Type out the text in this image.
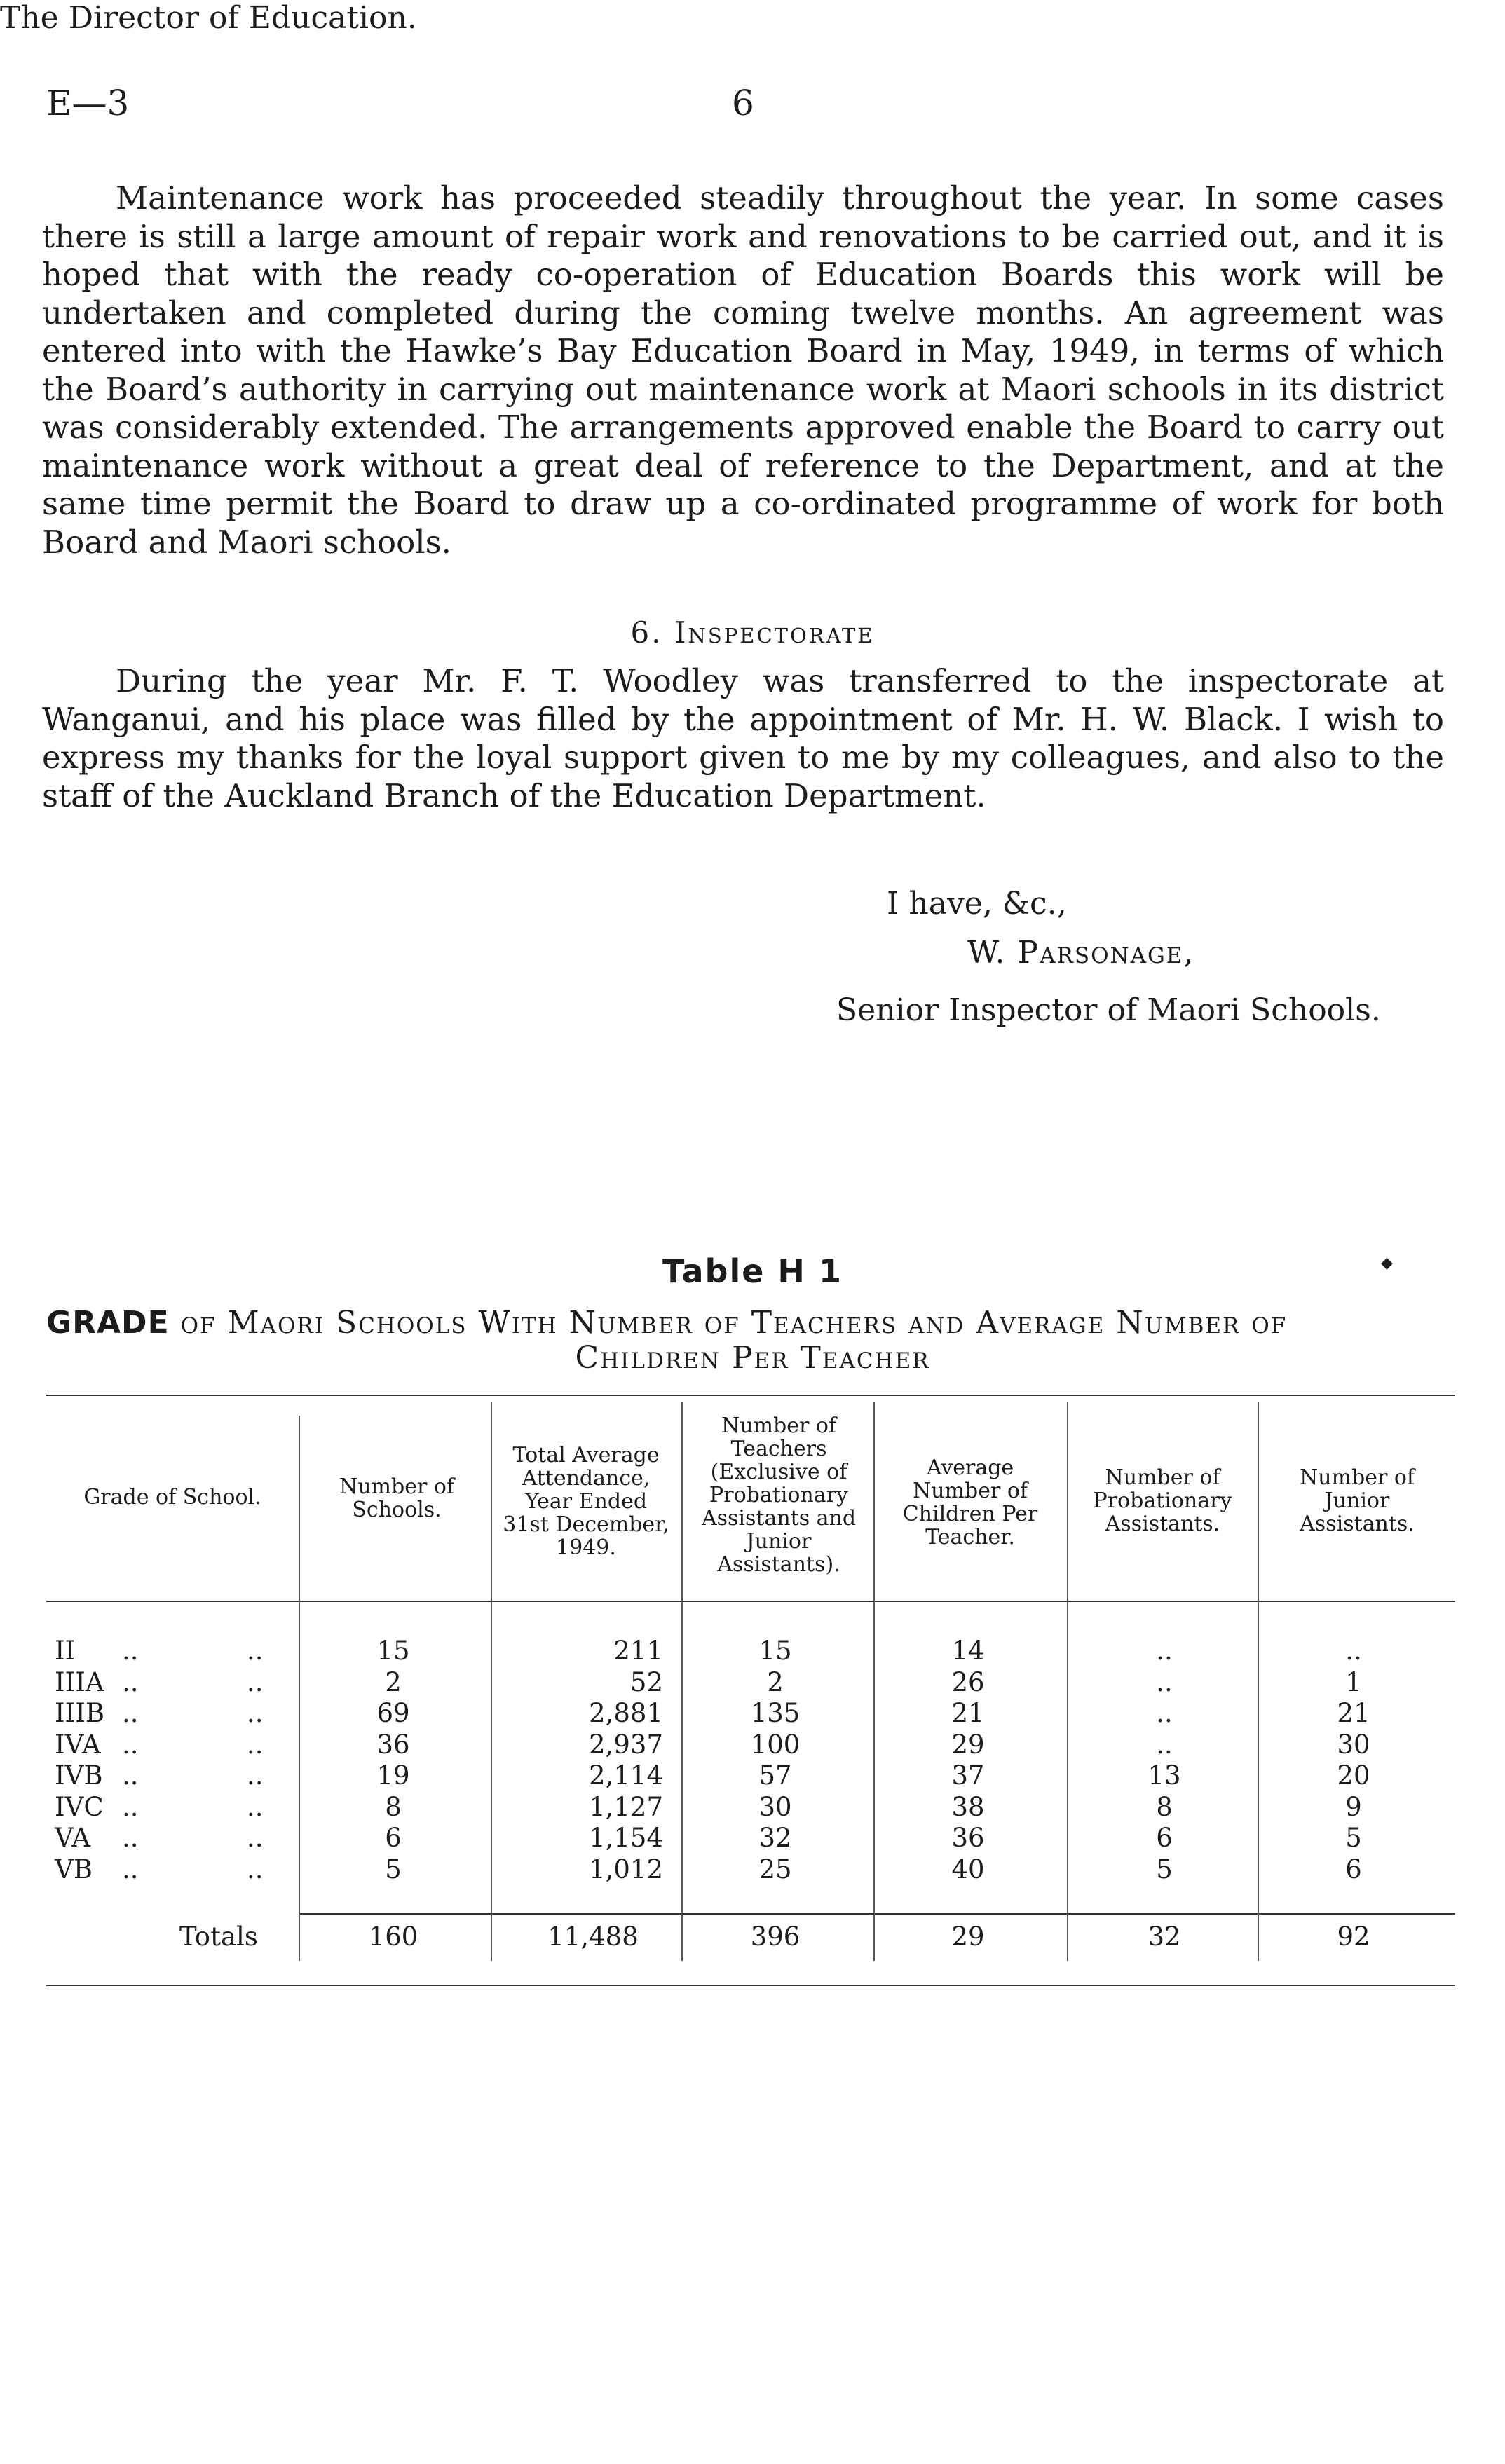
E—3	6

Maintenance work has proceeded steadily throughout the year. In some cases there is still a large amount of repair work and renovations to be carried out, and it is hoped that with the ready co-operation of Education Boards this work will be undertaken and completed during the coming twelve months. An agreement was entered into with the Hawke’s Bay Education Board in May, 1949, in terms of which the Board’s authority in carrying out maintenance work at Maori schools in its district was considerably extended. The arrangements approved enable the Board to carry out maintenance work without a great deal of reference to the Department, and at the same time permit the Board to draw up a co-ordinated programme of work for both Board and Maori schools.

6. Inspectorate

During the year Mr. F. T. Woodley was transferred to the inspectorate at Wanganui, and his place was filled by the appointment of Mr. H. W. Black. I wish to express my thanks for the loyal support given to me by my colleagues, and also to the staff of the Auckland Branch of the Education Department.

I have, &c.,
W. Parsonage,
Senior Inspector of Maori Schools.
The Director of Education.
Table H 1	◆
GRADE of Maori Schools With Number of Teachers and Average Number of
Children Per Teacher
Grade of School.	Number of Schools.
Total Average Attendance, Year Ended 31st December, 1949.
Number of Teachers (Exclusive of Probationary Assistants and Junior Assistants).
Average Number of Children Per Teacher.
Number of Probationary Assistants.
Number of Junior Assistants.
II ..	..	15	211	15	14	..	..
IIIA ..	..	2	52	2	26	..	1
IIIB ..	..	69	2,881	135	21	..	21
IVA ..	..	36	2,937	100	29	..	30
IVB ..	..	19	2,114	57	37	13	20
IVC ..	..	8	1,127	30	38	8	9
VA ..	..	6	1,154	32	36	6	5
VB ..	..	5	1,012	25	40	5	6
Totals	160	11,488	396	29	32	92
